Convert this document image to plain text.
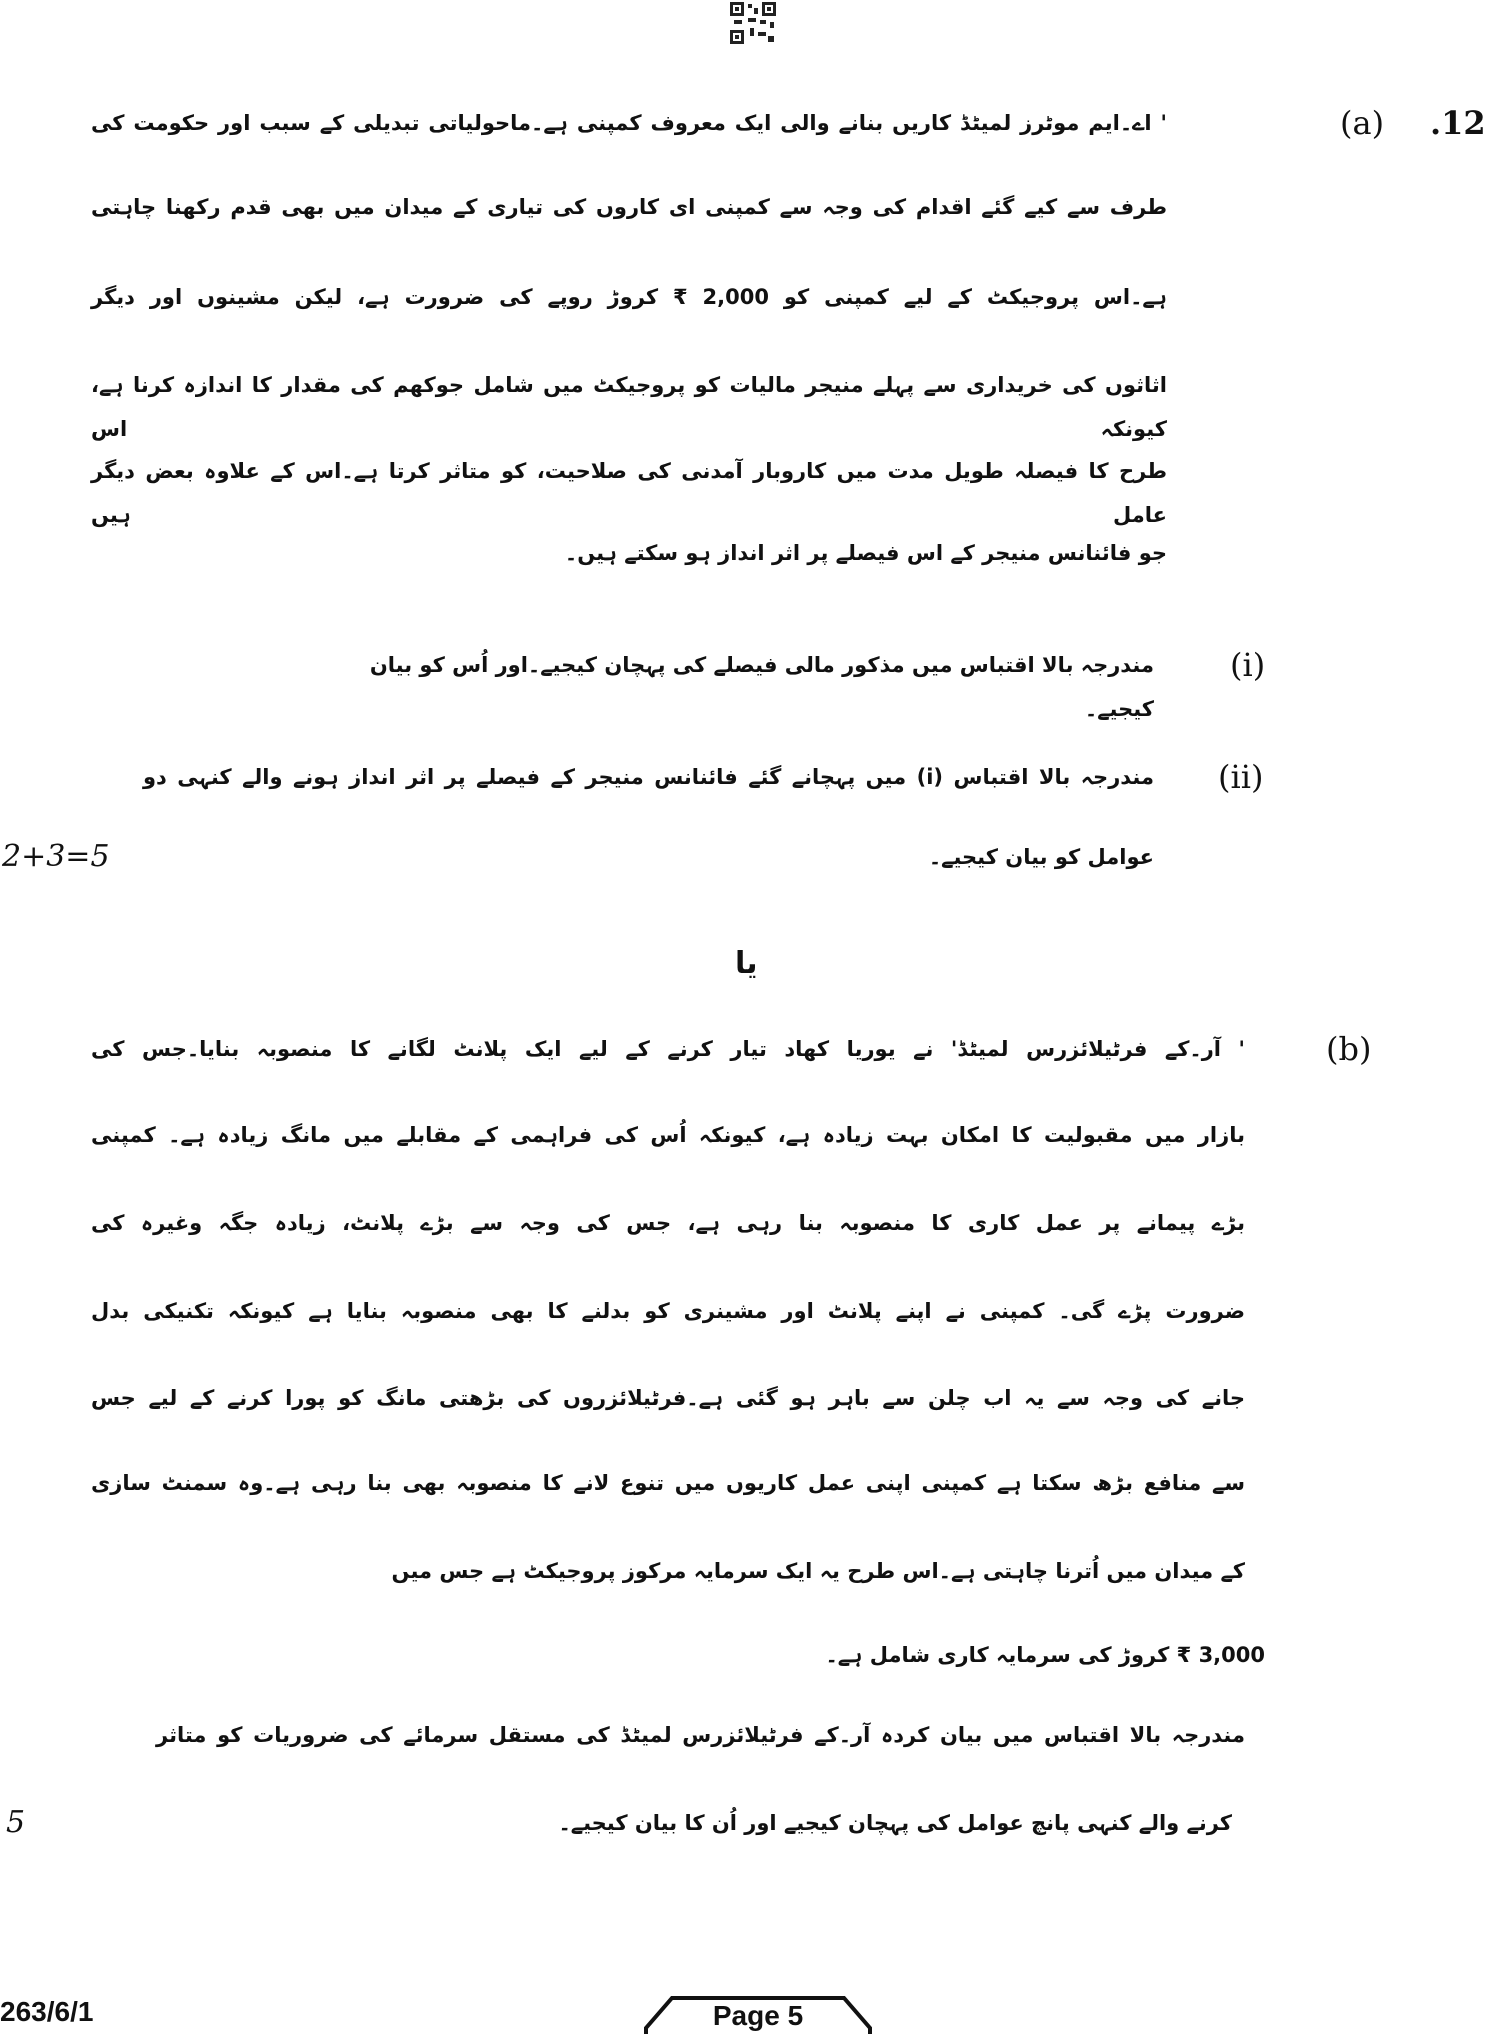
.12
(a)
' اے۔ایم موٹرز لمیٹڈ کاریں بنانے والی ایک معروف کمپنی ہے۔ماحولیاتی تبدیلی کے سبب اور حکومت کی
طرف سے کیے گئے اقدام کی وجہ سے کمپنی ای کاروں کی تیاری کے میدان میں بھی قدم رکھنا چاہتی
ہے۔اس پروجیکٹ کے لیے کمپنی کو 2,000 ₹ کروڑ روپے کی ضرورت ہے، لیکن مشینوں اور دیگر
اثاثوں کی خریداری سے پہلے منیجر مالیات کو پروجیکٹ میں شامل جوکھم کی مقدار کا اندازہ کرنا ہے، کیونکہ اس
طرح کا فیصلہ طویل مدت میں کاروبار آمدنی کی صلاحیت، کو متاثر کرتا ہے۔اس کے علاوہ بعض دیگر عامل ہیں
جو فائنانس منیجر کے اس فیصلے پر اثر انداز ہو سکتے ہیں۔
(i)
مندرجہ بالا اقتباس میں مذکور مالی فیصلے کی پہچان کیجیے۔اور اُس کو بیان کیجیے۔
(ii)
مندرجہ بالا اقتباس (i) میں پہچانے گئے فائنانس منیجر کے فیصلے پر اثر انداز ہونے والے کنہی دو
عوامل کو بیان کیجیے۔
2+3=5
یا
(b)
' آر۔کے فرٹیلائزرس لمیٹڈ' نے یوریا کھاد تیار کرنے کے لیے ایک پلانٹ لگانے کا منصوبہ بنایا۔جس کی
بازار میں مقبولیت کا امکان بہت زیادہ ہے، کیونکہ اُس کی فراہمی کے مقابلے میں مانگ زیادہ ہے۔ کمپنی
بڑے پیمانے پر عمل کاری کا منصوبہ بنا رہی ہے، جس کی وجہ سے بڑے پلانٹ، زیادہ جگہ وغیرہ کی
ضرورت پڑے گی۔ کمپنی نے اپنے پلانٹ اور مشینری کو بدلنے کا بھی منصوبہ بنایا ہے کیونکہ تکنیکی بدل
جانے کی وجہ سے یہ اب چلن سے باہر ہو گئی ہے۔فرٹیلائزروں کی بڑھتی مانگ کو پورا کرنے کے لیے جس
سے منافع بڑھ سکتا ہے کمپنی اپنی عمل کاریوں میں تنوع لانے کا منصوبہ بھی بنا رہی ہے۔وہ سمنٹ سازی
کے میدان میں اُترنا چاہتی ہے۔اس طرح یہ ایک سرمایہ مرکوز پروجیکٹ ہے جس میں
3,000 ₹ کروڑ کی سرمایہ کاری شامل ہے۔
مندرجہ بالا اقتباس میں بیان کردہ آر۔کے فرٹیلائزرس لمیٹڈ کی مستقل سرمائے کی ضروریات کو متاثر
کرنے والے کنہی پانچ عوامل کی پہچان کیجیے اور اُن کا بیان کیجیے۔
5
263/6/1	Page 5
